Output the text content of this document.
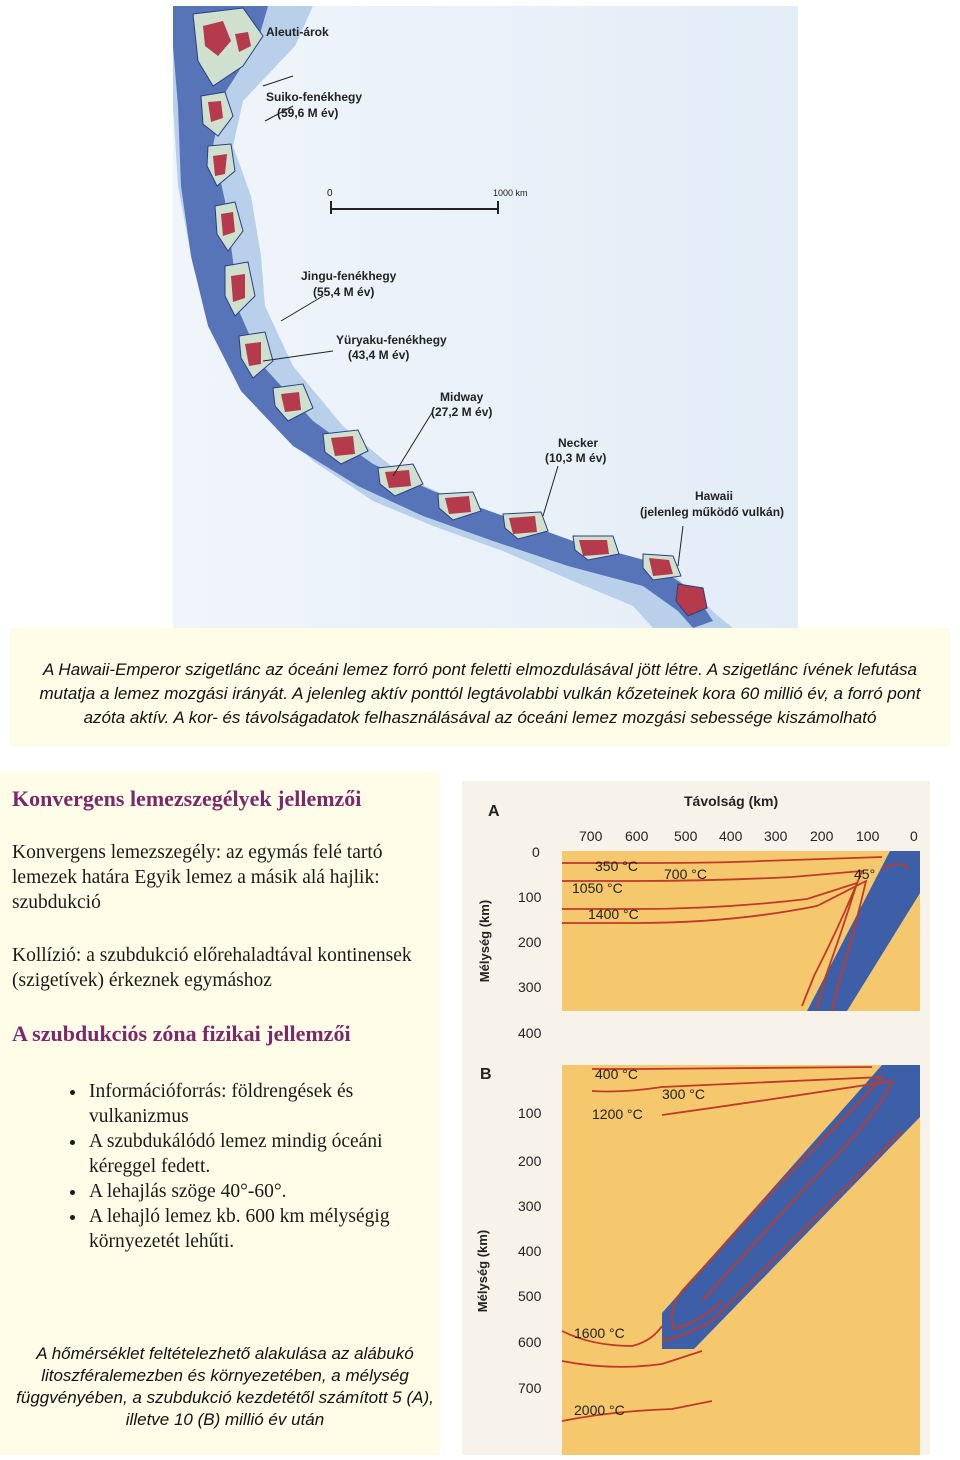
0	1000 km
Aleuti-árok
Suiko-fenékhegy
(59,6 M év)
Jingu-fenékhegy
(55,4 M év)
Yüryaku-fenékhegy
(43,4 M év)
Midway
(27,2 M év)
Necker
(10,3 M év)
Hawaii
(jelenleg működő vulkán)
A Hawaii-Emperor szigetlánc az óceáni lemez forró pont feletti elmozdulásával jött létre. A szigetlánc ívének lefutása mutatja a lemez mozgási irányát. A jelenleg aktív ponttól legtávolabbi vulkán kőzeteinek kora 60 millió év, a forró pont azóta aktív. A kor- és távolságadatok felhasználásával az óceáni lemez mozgási sebessége kiszámolható
Konvergens lemezszegélyek jellemzői

Konvergens lemezszegély: az egymás felé tartó lemezek határa Egyik lemez a másik alá hajlik: szubdukció

Kollízió: a szubdukció előrehaladtával kontinensek (szigetívek) érkeznek egymáshoz

A szubdukciós zóna fizikai jellemzői
• Információforrás: földrengések és vulkanizmus
• A szubdukálódó lemez mindig óceáni kéreggel fedett.
• A lehajlás szöge 40°-60°.
• A lehajló lemez kb. 600 km mélységig környezetét lehűti.
A hőmérséklet feltételezhető alakulása az alábukó litoszféralemezben és környezetében, a mélység függvényében, a szubdukció kezdetétől számított 5 (A), illetve 10 (B) millió év után
A
Távolság (km)
700 600 500 400 300 200 100 0
0
100
200
300
400
Mélység (km)
350 °C
1050 °C
1400 °C
700 °C	45°
B
100
200
300
400
500
600
700
Mélység (km)
400 °C
1200 °C
300 °C
1600 °C
2000 °C
